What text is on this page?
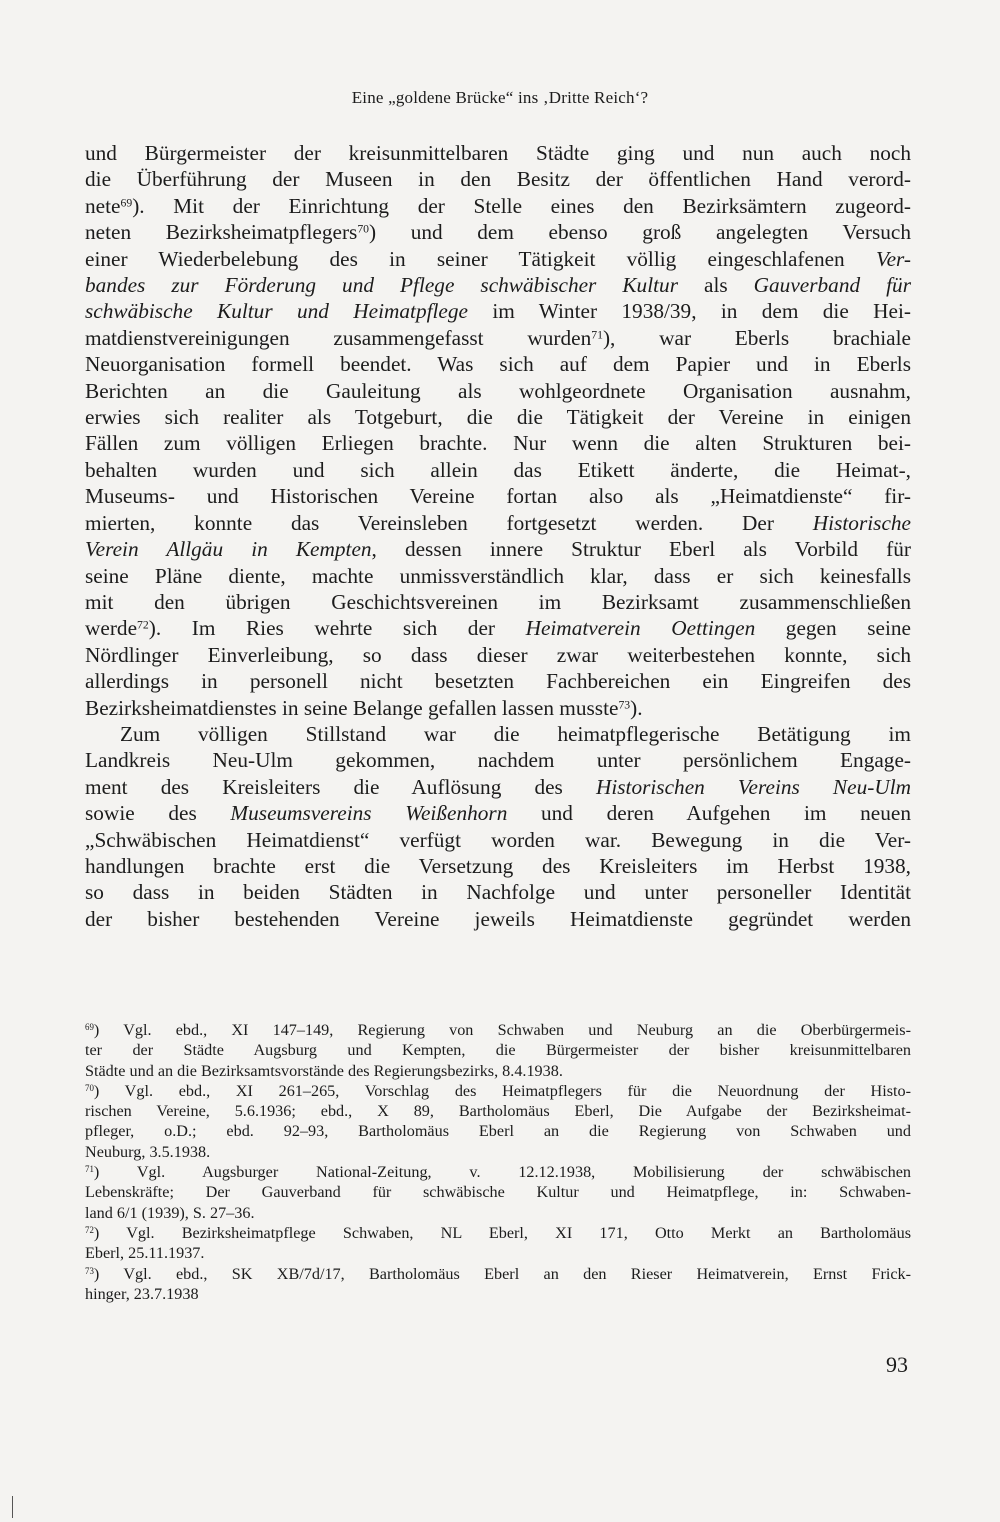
Eine „goldene Brücke“ ins ‚Dritte Reich‘?
und Bürgermeister der kreisunmittelbaren Städte ging und nun auch noch
die Überführung der Museen in den Besitz der öffentlichen Hand verord-
nete$^{69}$). Mit der Einrichtung der Stelle eines den Bezirksämtern zugeord-
neten Bezirksheimatpflegers$^{70}$) und dem ebenso groß angelegten Versuch
einer Wiederbelebung des in seiner Tätigkeit völlig eingeschlafenen Ver-
bandes zur Förderung und Pflege schwäbischer Kultur als Gauverband für
schwäbische Kultur und Heimatpflege im Winter 1938/39, in dem die Hei-
matdienstvereinigungen zusammengefasst wurden$^{71}$), war Eberls brachiale
Neuorganisation formell beendet. Was sich auf dem Papier und in Eberls
Berichten an die Gauleitung als wohlgeordnete Organisation ausnahm,
erwies sich realiter als Totgeburt, die die Tätigkeit der Vereine in einigen
Fällen zum völligen Erliegen brachte. Nur wenn die alten Strukturen bei-
behalten wurden und sich allein das Etikett änderte, die Heimat-,
Museums- und Historischen Vereine fortan also als „Heimatdienste“ fir-
mierten, konnte das Vereinsleben fortgesetzt werden. Der Historische
Verein Allgäu in Kempten, dessen innere Struktur Eberl als Vorbild für
seine Pläne diente, machte unmissverständlich klar, dass er sich keinesfalls
mit den übrigen Geschichtsvereinen im Bezirksamt zusammenschließen
werde$^{72}$). Im Ries wehrte sich der Heimatverein Oettingen gegen seine
Nördlinger Einverleibung, so dass dieser zwar weiterbestehen konnte, sich
allerdings in personell nicht besetzten Fachbereichen ein Eingreifen des
Bezirksheimatdienstes in seine Belange gefallen lassen musste$^{73}$).
Zum völligen Stillstand war die heimatpflegerische Betätigung im
Landkreis Neu-Ulm gekommen, nachdem unter persönlichem Engage-
ment des Kreisleiters die Auflösung des Historischen Vereins Neu-Ulm
sowie des Museumsvereins Weißenhorn und deren Aufgehen im neuen
„Schwäbischen Heimatdienst“ verfügt worden war. Bewegung in die Ver-
handlungen brachte erst die Versetzung des Kreisleiters im Herbst 1938,
so dass in beiden Städten in Nachfolge und unter personeller Identität
der bisher bestehenden Vereine jeweils Heimatdienste gegründet werden
$^{69}$) Vgl. ebd., XI 147–149, Regierung von Schwaben und Neuburg an die Oberbürgermeis-
ter der Städte Augsburg und Kempten, die Bürgermeister der bisher kreisunmittelbaren
Städte und an die Bezirksamtsvorstände des Regierungsbezirks, 8.4.1938.
$^{70}$) Vgl. ebd., XI 261–265, Vorschlag des Heimatpflegers für die Neuordnung der Histo-
rischen Vereine, 5.6.1936; ebd., X 89, Bartholomäus Eberl, Die Aufgabe der Bezirksheimat-
pfleger, o.D.; ebd. 92–93, Bartholomäus Eberl an die Regierung von Schwaben und
Neuburg, 3.5.1938.
$^{71}$) Vgl. Augsburger National-Zeitung, v. 12.12.1938, Mobilisierung der schwäbischen
Lebenskräfte; Der Gauverband für schwäbische Kultur und Heimatpflege, in: Schwaben-
land 6/1 (1939), S. 27–36.
$^{72}$) Vgl. Bezirksheimatpflege Schwaben, NL Eberl, XI 171, Otto Merkt an Bartholomäus
Eberl, 25.11.1937.
$^{73}$) Vgl. ebd., SK XB/7d/17, Bartholomäus Eberl an den Rieser Heimatverein, Ernst Frick-
hinger, 23.7.1938
93
